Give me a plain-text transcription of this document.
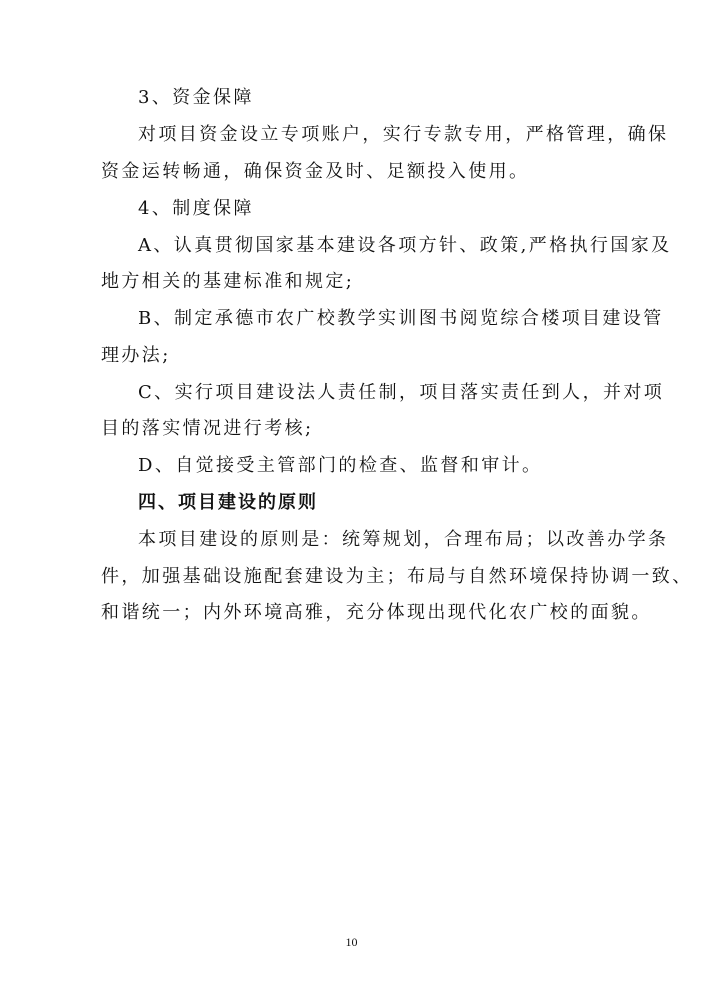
3、资金保障
对项目资金设立专项账户，实行专款专用，严格管理，确保
资金运转畅通，确保资金及时、足额投入使用。
4、制度保障
A、认真贯彻国家基本建设各项方针、政策,严格执行国家及
地方相关的基建标准和规定;
B、制定承德市农广校教学实训图书阅览综合楼项目建设管
理办法;
C、实行项目建设法人责任制，项目落实责任到人，并对项
目的落实情况进行考核;
D、自觉接受主管部门的检查、监督和审计。
四、项目建设的原则
本项目建设的原则是：统筹规划，合理布局；以改善办学条
件，加强基础设施配套建设为主；布局与自然环境保持协调一致、
和谐统一；内外环境高雅，充分体现出现代化农广校的面貌。
10
